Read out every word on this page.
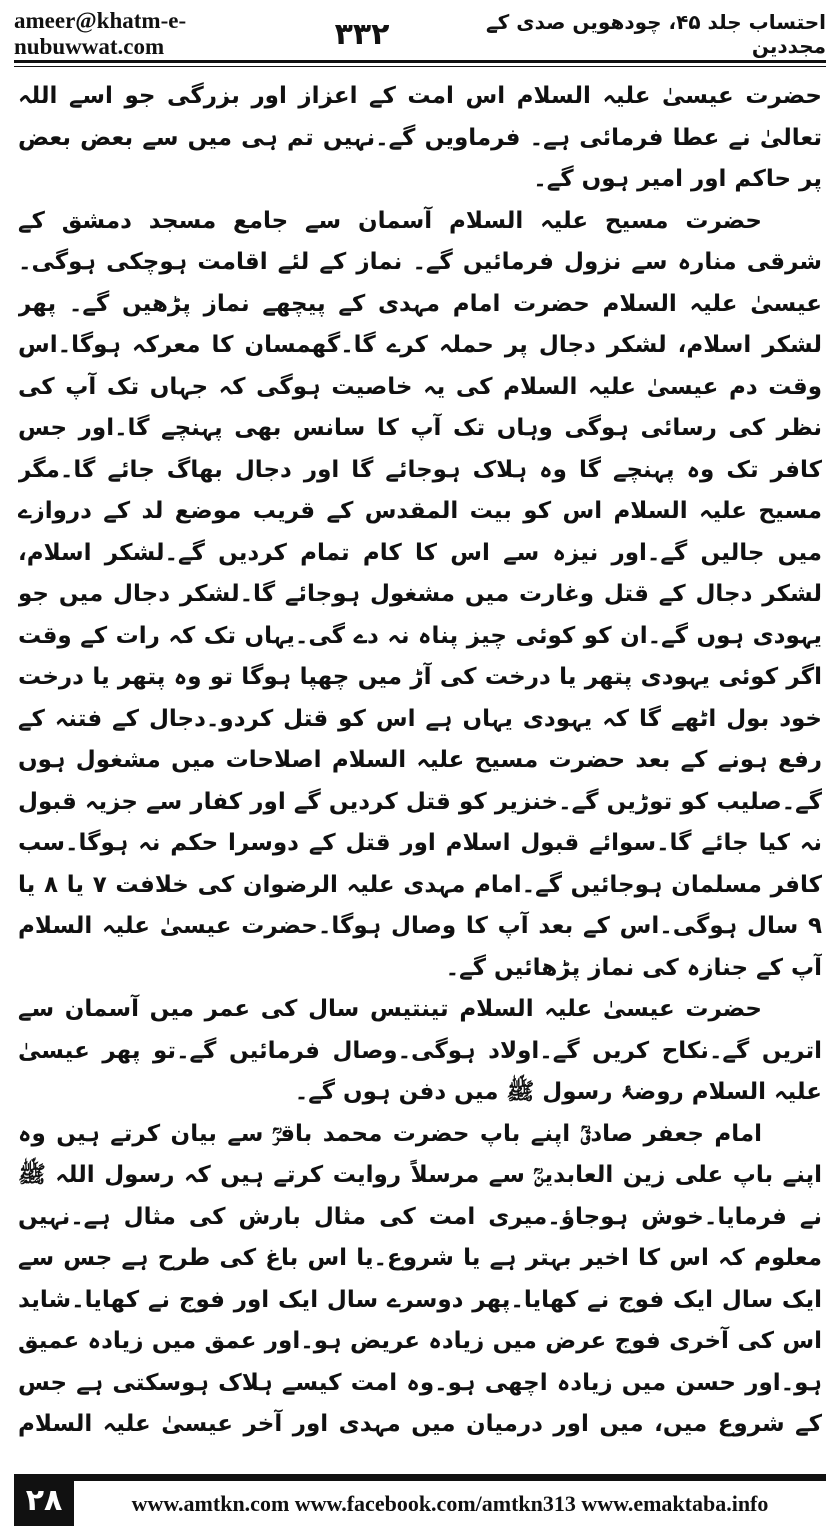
ameer@khatm-e-nubuwwat.com
احتساب جلد ۴۵، چودھویں صدی کے مجددین
۳۳۲

حضرت عیسیٰ علیہ السلام اس امت کے اعزاز اور بزرگی جو اسے اللہ تعالیٰ نے عطا فرمائی ہے۔ فرماویں گے۔نہیں تم ہی میں سے بعض بعض پر حاکم اور امیر ہوں گے۔

حضرت مسیح علیہ السلام آسمان سے جامع مسجد دمشق کے شرقی منارہ سے نزول فرمائیں گے۔ نماز کے لئے اقامت ہوچکی ہوگی۔عیسیٰ علیہ السلام حضرت امام مہدی کے پیچھے نماز پڑھیں گے۔ پھر لشکر اسلام، لشکر دجال پر حملہ کرے گا۔گھمسان کا معرکہ ہوگا۔اس وقت دم عیسیٰ علیہ السلام کی یہ خاصیت ہوگی کہ جہاں تک آپ کی نظر کی رسائی ہوگی وہاں تک آپ کا سانس بھی پہنچے گا۔اور جس کافر تک وہ پہنچے گا وہ ہلاک ہوجائے گا اور دجال بھاگ جائے گا۔مگر مسیح علیہ السلام اس کو بیت المقدس کے قریب موضع لد کے دروازے میں جالیں گے۔اور نیزہ سے اس کا کام تمام کردیں گے۔لشکر اسلام، لشکر دجال کے قتل وغارت میں مشغول ہوجائے گا۔لشکر دجال میں جو یہودی ہوں گے۔ان کو کوئی چیز پناہ نہ دے گی۔یہاں تک کہ رات کے وقت اگر کوئی یہودی پتھر یا درخت کی آڑ میں چھپا ہوگا تو وہ پتھر یا درخت خود بول اٹھے گا کہ یہودی یہاں ہے اس کو قتل کردو۔دجال کے فتنہ کے رفع ہونے کے بعد حضرت مسیح علیہ السلام اصلاحات میں مشغول ہوں گے۔صلیب کو توڑیں گے۔خنزیر کو قتل کردیں گے اور کفار سے جزیہ قبول نہ کیا جائے گا۔سوائے قبول اسلام اور قتل کے دوسرا حکم نہ ہوگا۔سب کافر مسلمان ہوجائیں گے۔امام مہدی علیہ الرضوان کی خلافت ۷ یا ۸ یا ۹ سال ہوگی۔اس کے بعد آپ کا وصال ہوگا۔حضرت عیسیٰ علیہ السلام آپ کے جنازہ کی نماز پڑھائیں گے۔

حضرت عیسیٰ علیہ السلام تینتیس سال کی عمر میں آسمان سے اتریں گے۔نکاح کریں گے۔اولاد ہوگی۔وصال فرمائیں گے۔تو پھر عیسیٰ علیہ السلام روضۂ رسول ﷺ میں دفن ہوں گے۔

امام جعفر صادقؒ اپنے باپ حضرت محمد باقرؒ سے بیان کرتے ہیں وہ اپنے باپ علی زین العابدینؒ سے مرسلاً روایت کرتے ہیں کہ رسول اللہ ﷺ نے فرمایا۔خوش ہوجاؤ۔میری امت کی مثال بارش کی مثال ہے۔نہیں معلوم کہ اس کا اخیر بہتر ہے یا شروع۔یا اس باغ کی طرح ہے جس سے ایک سال ایک فوج نے کھایا۔پھر دوسرے سال ایک اور فوج نے کھایا۔شاید اس کی آخری فوج عرض میں زیادہ عریض ہو۔اور عمق میں زیادہ عمیق ہو۔اور حسن میں زیادہ اچھی ہو۔وہ امت کیسے ہلاک ہوسکتی ہے جس کے شروع میں، میں اور درمیان میں مہدی اور آخر عیسیٰ علیہ السلام

۲۸	www.amtkn.com www.facebook.com/amtkn313 www.emaktaba.info
